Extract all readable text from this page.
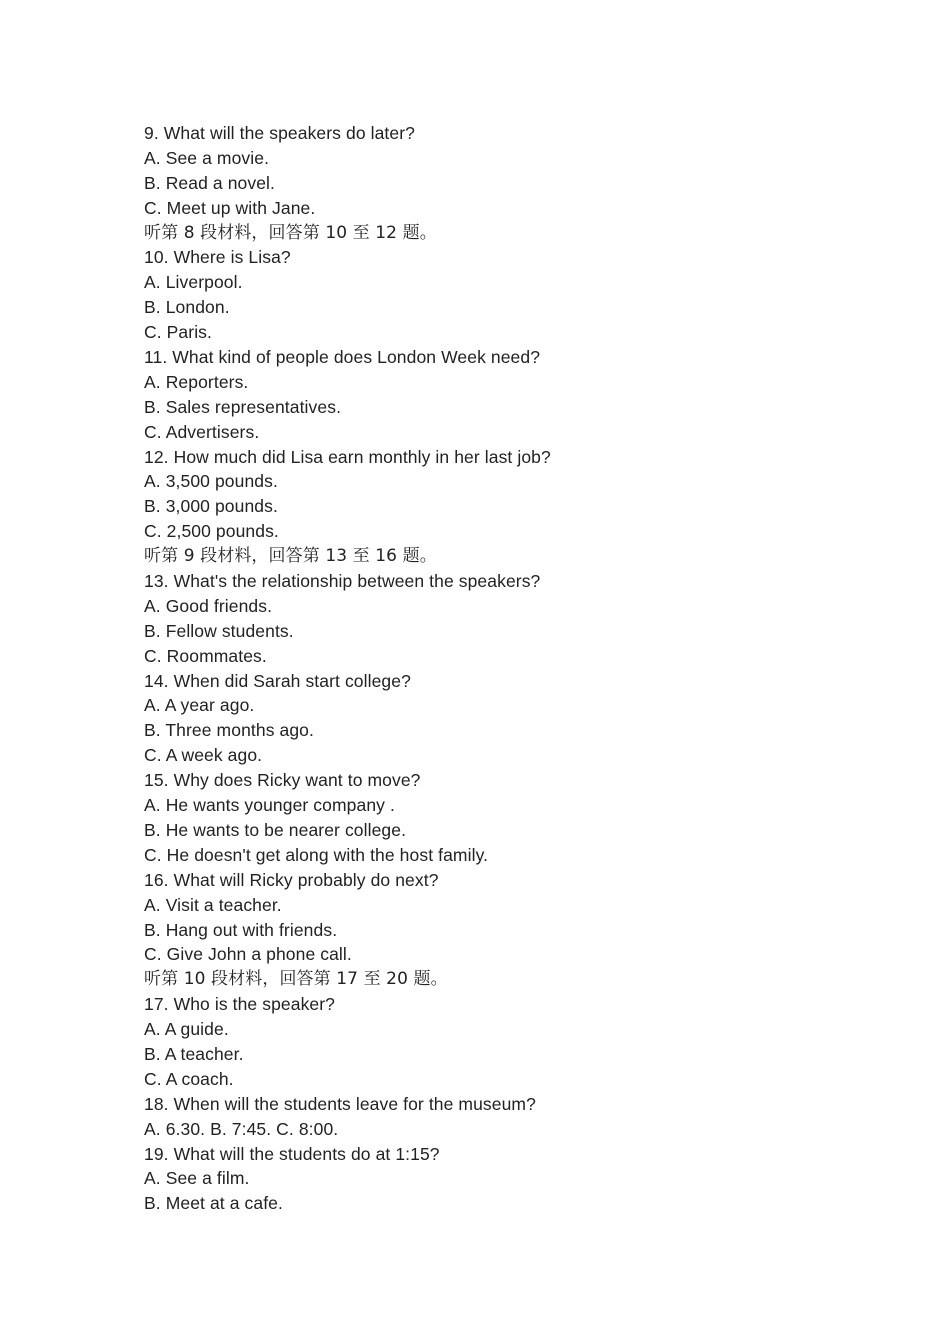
9. What will the speakers do later?
A. See a movie.
B. Read a novel.
C. Meet up with Jane.
听第 8 段材料，回答第 10 至 12 题。
10. Where is Lisa?
A. Liverpool.
B. London.
C. Paris.
11. What kind of people does London Week need?
A. Reporters.
B. Sales representatives.
C. Advertisers.
12. How much did Lisa earn monthly in her last job?
A. 3,500 pounds.
B. 3,000 pounds.
C. 2,500 pounds.
听第 9 段材料，回答第 13 至 16 题。
13. What's the relationship between the speakers?
A. Good friends.
B. Fellow students.
C. Roommates.
14. When did Sarah start college?
A. A year ago.
B. Three months ago.
C. A week ago.
15. Why does Ricky want to move?
A. He wants younger company .
B. He wants to be nearer college.
C. He doesn't get along with the host family.
16. What will Ricky probably do next?
A. Visit a teacher.
B. Hang out with friends.
C. Give John a phone call.
听第 10 段材料，回答第 17 至 20 题。
17. Who is the speaker?
A. A guide.
B. A teacher.
C. A coach.
18. When will the students leave for the museum?
A. 6.30. B. 7:45. C. 8:00.
19. What will the students do at 1:15?
A. See a film.
B. Meet at a cafe.
